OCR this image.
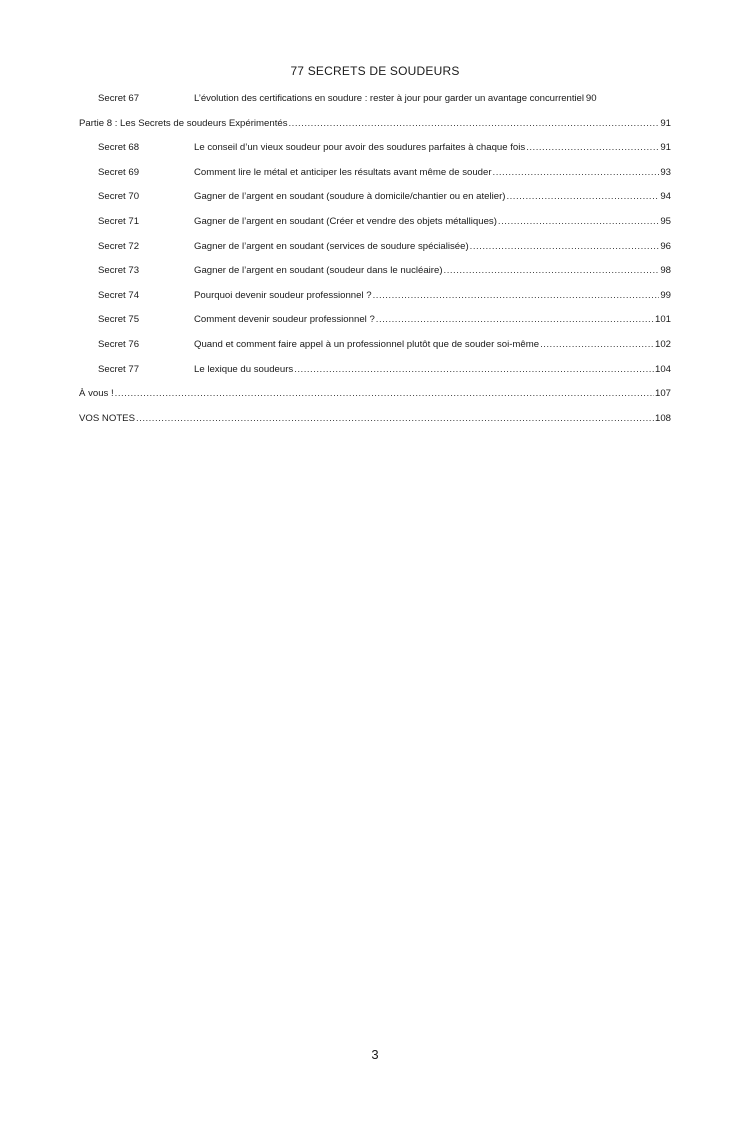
77 SECRETS DE SOUDEURS
Secret 67	L’évolution des certifications en soudure : rester à jour pour garder un avantage concurrentiel 90
Partie 8 : Les Secrets de soudeurs Expérimentés .....	91
Secret 68	Le conseil d’un vieux soudeur pour avoir des soudures parfaites à chaque fois .....	91
Secret 69	Comment lire le métal et anticiper les résultats avant même de souder .....	93
Secret 70	Gagner de l’argent en soudant (soudure à domicile/chantier ou en atelier) .....	94
Secret 71	Gagner de l’argent en soudant (Créer et vendre des objets métalliques) .....	95
Secret 72	Gagner de l’argent en soudant (services de soudure spécialisée) .....	96
Secret 73	Gagner de l’argent en soudant (soudeur dans le nucléaire) .....	98
Secret 74	Pourquoi devenir soudeur professionnel ? .....	99
Secret 75	Comment devenir soudeur professionnel ? .....	101
Secret 76	Quand et comment faire appel à un professionnel plutôt que de souder soi-même .....	102
Secret 77	Le lexique du soudeurs .....	104
À vous ! .....	107
VOS NOTES .....	108
3
